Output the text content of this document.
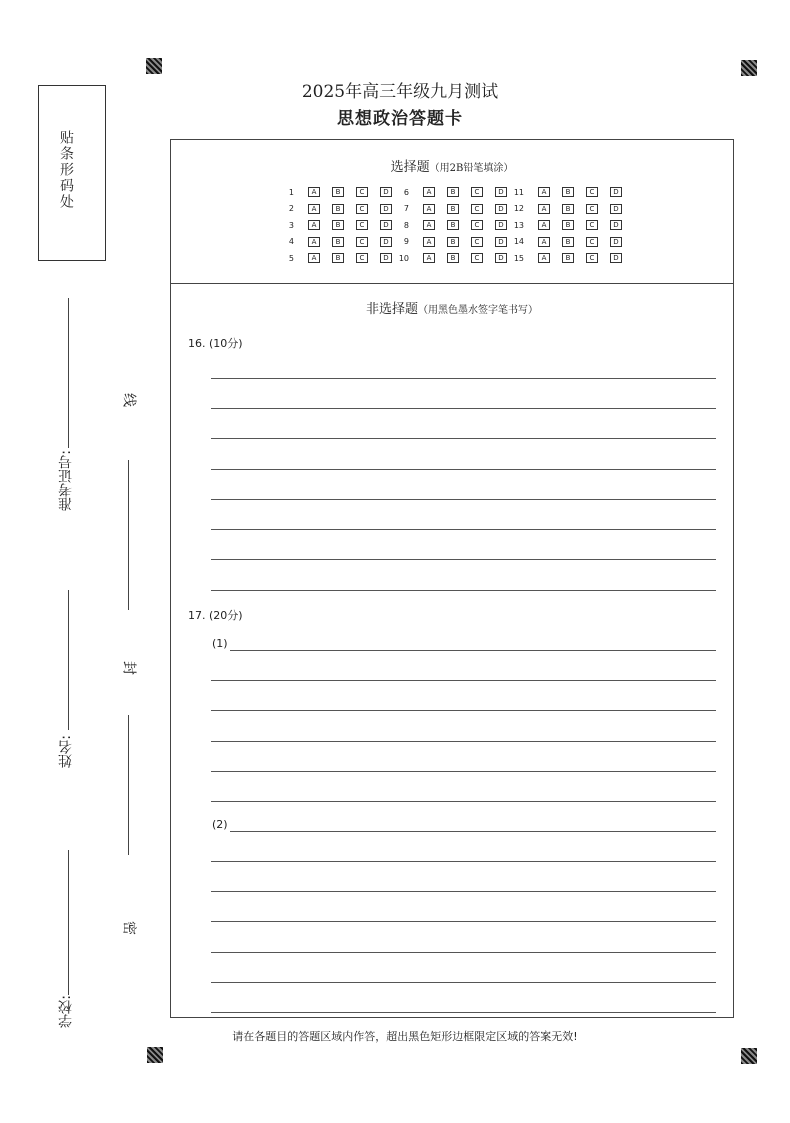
贴条形码处
准考证号:
姓名:
学校:
线
封
密
2025年高三年级九月测试
思想政治答题卡
选择题（用2B铅笔填涂）
1	A	B	C	D
2	A	B	C	D
3	A	B	C	D
4	A	B	C	D
5	A	B	C	D
6	A	B	C	D
7	A	B	C	D
8	A	B	C	D
9	A	B	C	D
10	A	B	C	D
11	A	B	C	D
12	A	B	C	D
13	A	B	C	D
14	A	B	C	D
15	A	B	C	D
非选择题（用黑色墨水签字笔书写）
16. (10分)
17. (20分)
(1)
(2)
请在各题目的答题区域内作答，超出黑色矩形边框限定区域的答案无效!
